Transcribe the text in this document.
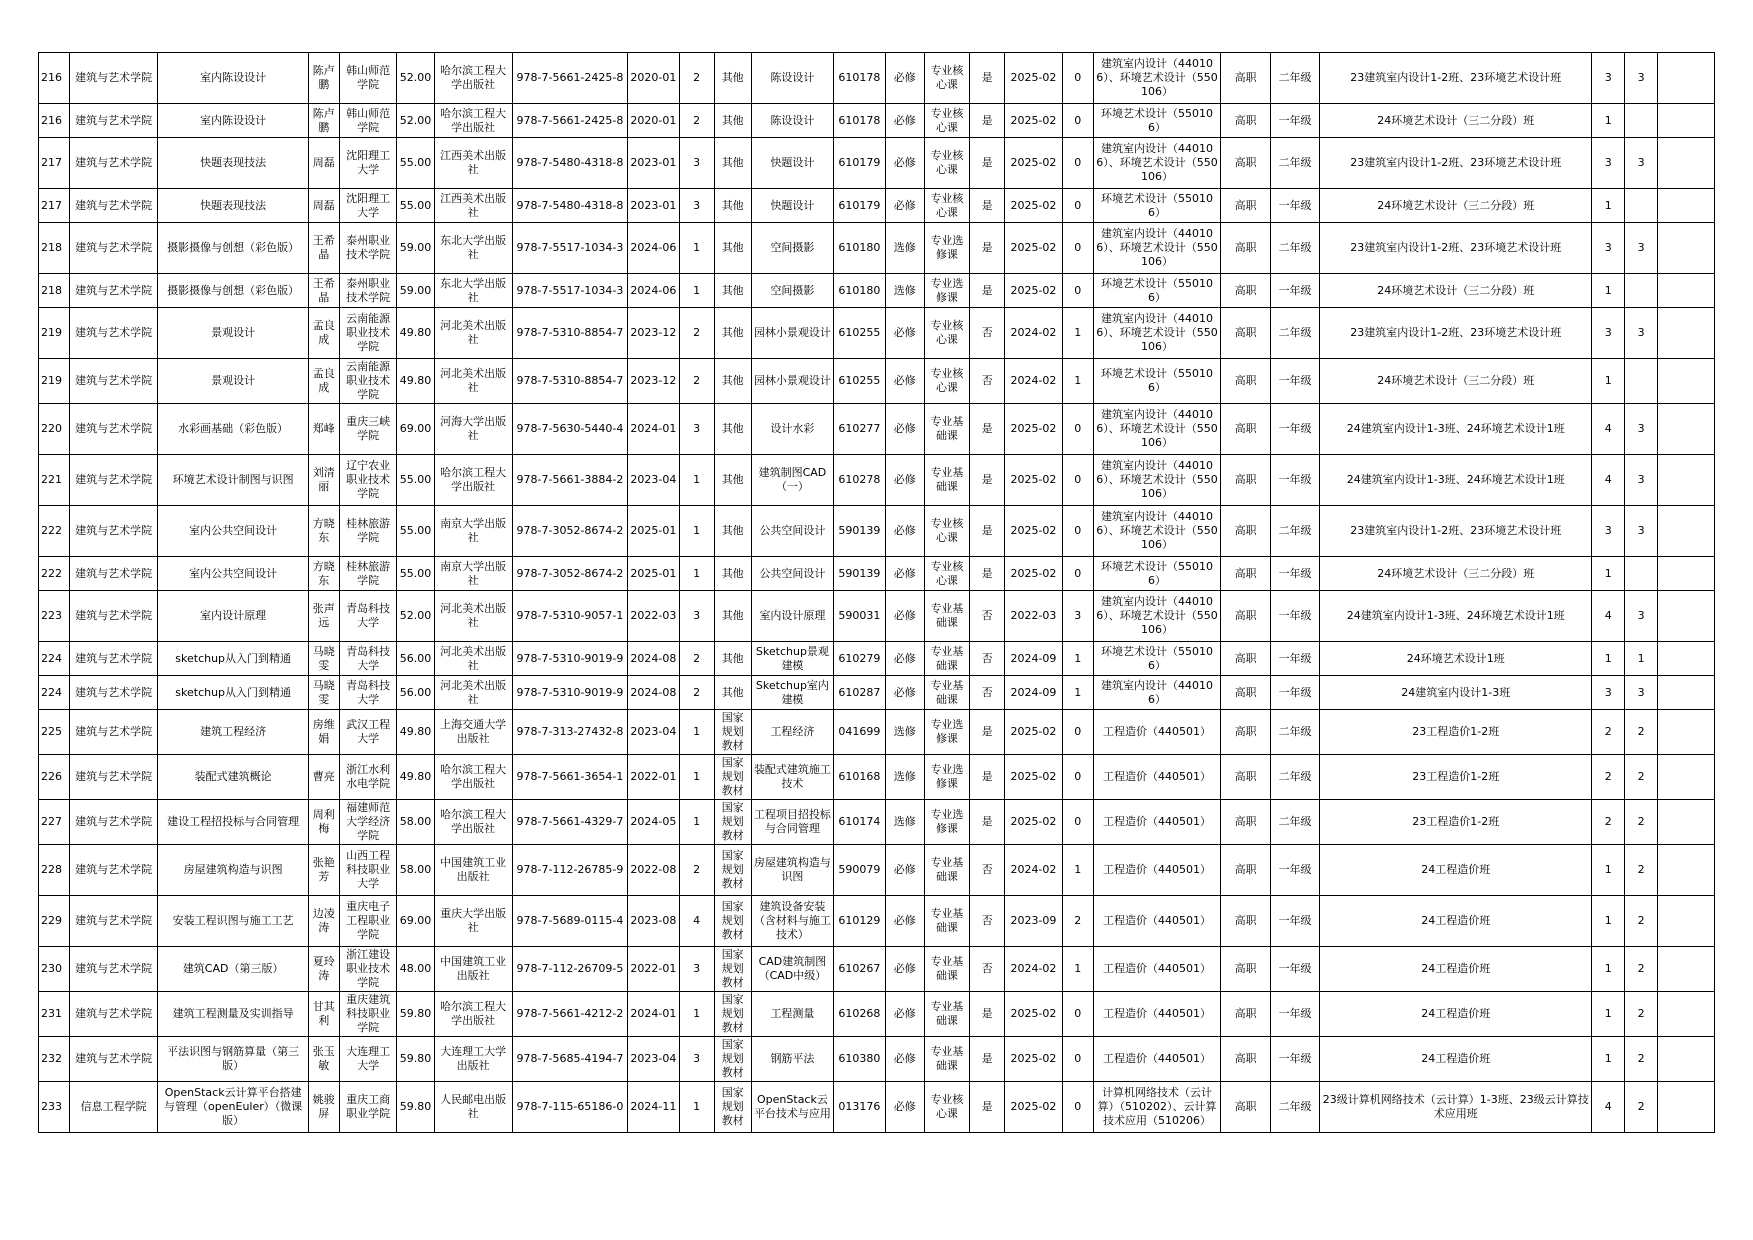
216	建筑与艺术学院	室内陈设设计	陈卢鹏	韩山师范学院	52.00	哈尔滨工程大学出版社	978-7-5661-2425-8	2020-01	2	其他	陈设设计	610178	必修	专业核心课	是	2025-02	0	建筑室内设计（440106）、环境艺术设计（550106）	高职	二年级	23建筑室内设计1-2班、23环境艺术设计班	3	3	
216	建筑与艺术学院	室内陈设设计	陈卢鹏	韩山师范学院	52.00	哈尔滨工程大学出版社	978-7-5661-2425-8	2020-01	2	其他	陈设设计	610178	必修	专业核心课	是	2025-02	0	环境艺术设计（550106）	高职	一年级	24环境艺术设计（三二分段）班	1		
217	建筑与艺术学院	快题表现技法	周磊	沈阳理工大学	55.00	江西美术出版社	978-7-5480-4318-8	2023-01	3	其他	快题设计	610179	必修	专业核心课	是	2025-02	0	建筑室内设计（440106）、环境艺术设计（550106）	高职	二年级	23建筑室内设计1-2班、23环境艺术设计班	3	3	
217	建筑与艺术学院	快题表现技法	周磊	沈阳理工大学	55.00	江西美术出版社	978-7-5480-4318-8	2023-01	3	其他	快题设计	610179	必修	专业核心课	是	2025-02	0	环境艺术设计（550106）	高职	一年级	24环境艺术设计（三二分段）班	1		
218	建筑与艺术学院	摄影摄像与创想（彩色版）	王希晶	泰州职业技术学院	59.00	东北大学出版社	978-7-5517-1034-3	2024-06	1	其他	空间摄影	610180	选修	专业选修课	是	2025-02	0	建筑室内设计（440106）、环境艺术设计（550106）	高职	二年级	23建筑室内设计1-2班、23环境艺术设计班	3	3	
218	建筑与艺术学院	摄影摄像与创想（彩色版）	王希晶	泰州职业技术学院	59.00	东北大学出版社	978-7-5517-1034-3	2024-06	1	其他	空间摄影	610180	选修	专业选修课	是	2025-02	0	环境艺术设计（550106）	高职	一年级	24环境艺术设计（三二分段）班	1		
219	建筑与艺术学院	景观设计	孟良成	云南能源职业技术学院	49.80	河北美术出版社	978-7-5310-8854-7	2023-12	2	其他	园林小景观设计	610255	必修	专业核心课	否	2024-02	1	建筑室内设计（440106）、环境艺术设计（550106）	高职	二年级	23建筑室内设计1-2班、23环境艺术设计班	3	3	
219	建筑与艺术学院	景观设计	孟良成	云南能源职业技术学院	49.80	河北美术出版社	978-7-5310-8854-7	2023-12	2	其他	园林小景观设计	610255	必修	专业核心课	否	2024-02	1	环境艺术设计（550106）	高职	一年级	24环境艺术设计（三二分段）班	1		
220	建筑与艺术学院	水彩画基础（彩色版）	郑峰	重庆三峡学院	69.00	河海大学出版社	978-7-5630-5440-4	2024-01	3	其他	设计水彩	610277	必修	专业基础课	是	2025-02	0	建筑室内设计（440106）、环境艺术设计（550106）	高职	一年级	24建筑室内设计1-3班、24环境艺术设计1班	4	3	
221	建筑与艺术学院	环境艺术设计制图与识图	刘清丽	辽宁农业职业技术学院	55.00	哈尔滨工程大学出版社	978-7-5661-3884-2	2023-04	1	其他	建筑制图CAD（一）	610278	必修	专业基础课	是	2025-02	0	建筑室内设计（440106）、环境艺术设计（550106）	高职	一年级	24建筑室内设计1-3班、24环境艺术设计1班	4	3	
222	建筑与艺术学院	室内公共空间设计	方晓东	桂林旅游学院	55.00	南京大学出版社	978-7-3052-8674-2	2025-01	1	其他	公共空间设计	590139	必修	专业核心课	是	2025-02	0	建筑室内设计（440106）、环境艺术设计（550106）	高职	二年级	23建筑室内设计1-2班、23环境艺术设计班	3	3	
222	建筑与艺术学院	室内公共空间设计	方晓东	桂林旅游学院	55.00	南京大学出版社	978-7-3052-8674-2	2025-01	1	其他	公共空间设计	590139	必修	专业核心课	是	2025-02	0	环境艺术设计（550106）	高职	一年级	24环境艺术设计（三二分段）班	1		
223	建筑与艺术学院	室内设计原理	张声远	青岛科技大学	52.00	河北美术出版社	978-7-5310-9057-1	2022-03	3	其他	室内设计原理	590031	必修	专业基础课	否	2022-03	3	建筑室内设计（440106）、环境艺术设计（550106）	高职	一年级	24建筑室内设计1-3班、24环境艺术设计1班	4	3	
224	建筑与艺术学院	sketchup从入门到精通	马晓雯	青岛科技大学	56.00	河北美术出版社	978-7-5310-9019-9	2024-08	2	其他	Sketchup景观建模	610279	必修	专业基础课	否	2024-09	1	环境艺术设计（550106）	高职	一年级	24环境艺术设计1班	1	1	
224	建筑与艺术学院	sketchup从入门到精通	马晓雯	青岛科技大学	56.00	河北美术出版社	978-7-5310-9019-9	2024-08	2	其他	Sketchup室内建模	610287	必修	专业基础课	否	2024-09	1	建筑室内设计（440106）	高职	一年级	24建筑室内设计1-3班	3	3	
225	建筑与艺术学院	建筑工程经济	房维娟	武汉工程大学	49.80	上海交通大学出版社	978-7-313-27432-8	2023-04	1	国家规划教材	工程经济	041699	选修	专业选修课	是	2025-02	0	工程造价（440501）	高职	二年级	23工程造价1-2班	2	2	
226	建筑与艺术学院	装配式建筑概论	曹亮	浙江水利水电学院	49.80	哈尔滨工程大学出版社	978-7-5661-3654-1	2022-01	1	国家规划教材	装配式建筑施工技术	610168	选修	专业选修课	是	2025-02	0	工程造价（440501）	高职	二年级	23工程造价1-2班	2	2	
227	建筑与艺术学院	建设工程招投标与合同管理	周利梅	福建师范大学经济学院	58.00	哈尔滨工程大学出版社	978-7-5661-4329-7	2024-05	1	国家规划教材	工程项目招投标与合同管理	610174	选修	专业选修课	是	2025-02	0	工程造价（440501）	高职	二年级	23工程造价1-2班	2	2	
228	建筑与艺术学院	房屋建筑构造与识图	张艳芳	山西工程科技职业大学	58.00	中国建筑工业出版社	978-7-112-26785-9	2022-08	2	国家规划教材	房屋建筑构造与识图	590079	必修	专业基础课	否	2024-02	1	工程造价（440501）	高职	一年级	24工程造价班	1	2	
229	建筑与艺术学院	安装工程识图与施工工艺	边凌涛	重庆电子工程职业学院	69.00	重庆大学出版社	978-7-5689-0115-4	2023-08	4	国家规划教材	建筑设备安装（含材料与施工技术）	610129	必修	专业基础课	否	2023-09	2	工程造价（440501）	高职	一年级	24工程造价班	1	2	
230	建筑与艺术学院	建筑CAD（第三版）	夏玲涛	浙江建设职业技术学院	48.00	中国建筑工业出版社	978-7-112-26709-5	2022-01	3	国家规划教材	CAD建筑制图（CAD中级）	610267	必修	专业基础课	否	2024-02	1	工程造价（440501）	高职	一年级	24工程造价班	1	2	
231	建筑与艺术学院	建筑工程测量及实训指导	甘其利	重庆建筑科技职业学院	59.80	哈尔滨工程大学出版社	978-7-5661-4212-2	2024-01	1	国家规划教材	工程测量	610268	必修	专业基础课	是	2025-02	0	工程造价（440501）	高职	一年级	24工程造价班	1	2	
232	建筑与艺术学院	平法识图与钢筋算量（第三版）	张玉敏	大连理工大学	59.80	大连理工大学出版社	978-7-5685-4194-7	2023-04	3	国家规划教材	钢筋平法	610380	必修	专业基础课	是	2025-02	0	工程造价（440501）	高职	一年级	24工程造价班	1	2	
233	信息工程学院	OpenStack云计算平台搭建与管理（openEuler）（微课版）	姚骏屏	重庆工商职业学院	59.80	人民邮电出版社	978-7-115-65186-0	2024-11	1	国家规划教材	OpenStack云平台技术与应用	013176	必修	专业核心课	是	2025-02	0	计算机网络技术（云计算）（510202）、云计算技术应用（510206）	高职	二年级	23级计算机网络技术（云计算）1-3班、23级云计算技术应用班	4	2	
